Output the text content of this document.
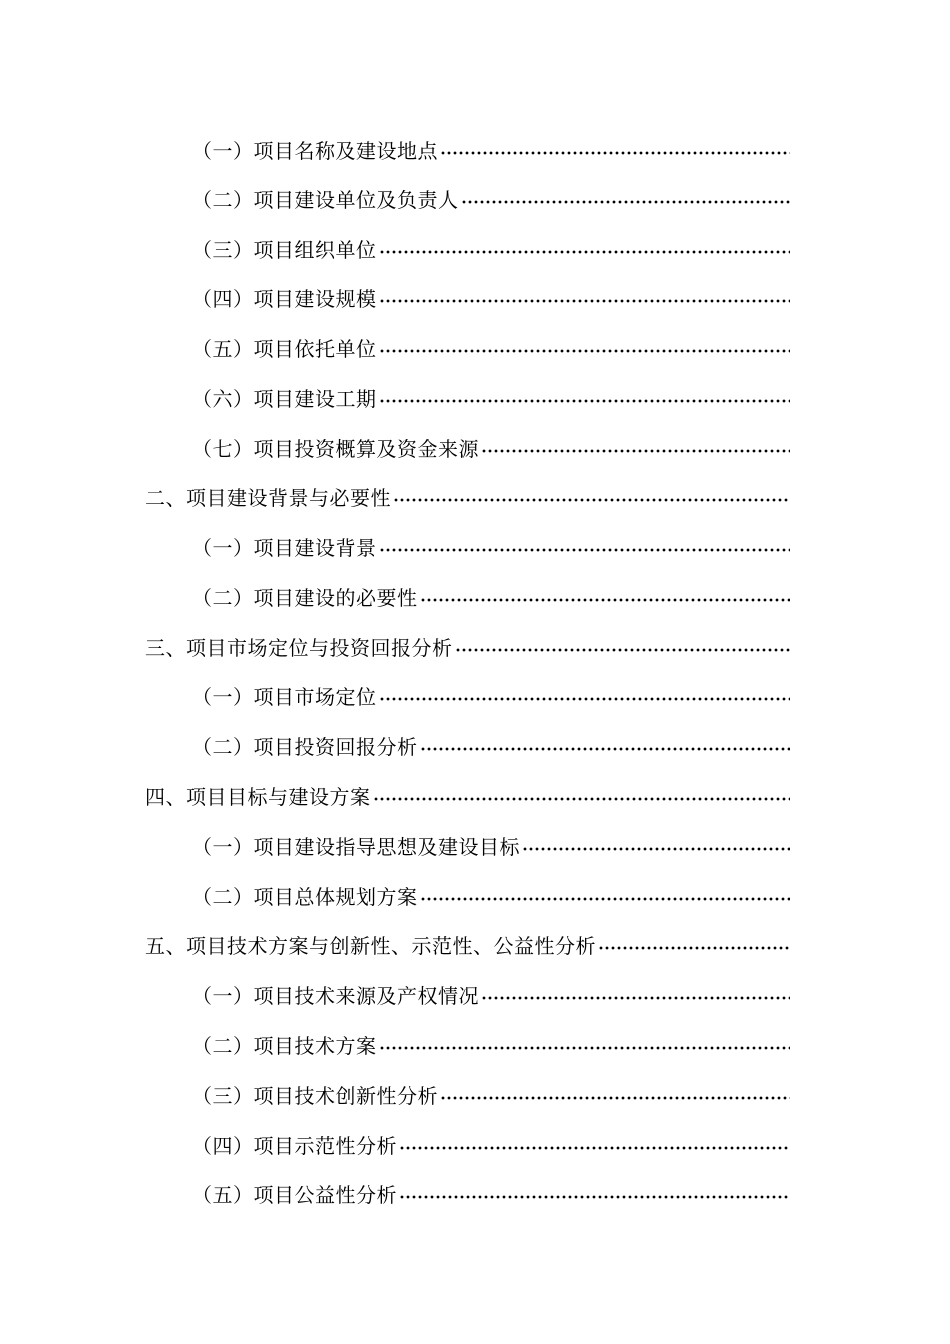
（一）项目名称及建设地点
（二）项目建设单位及负责人
（三）项目组织单位
（四）项目建设规模
（五）项目依托单位
（六）项目建设工期
（七）项目投资概算及资金来源
二、项目建设背景与必要性
（一）项目建设背景
（二）项目建设的必要性
三、项目市场定位与投资回报分析
（一）项目市场定位
（二）项目投资回报分析
四、项目目标与建设方案
（一）项目建设指导思想及建设目标
（二）项目总体规划方案
五、项目技术方案与创新性、示范性、公益性分析
（一）项目技术来源及产权情况
（二）项目技术方案
（三）项目技术创新性分析
（四）项目示范性分析
（五）项目公益性分析
